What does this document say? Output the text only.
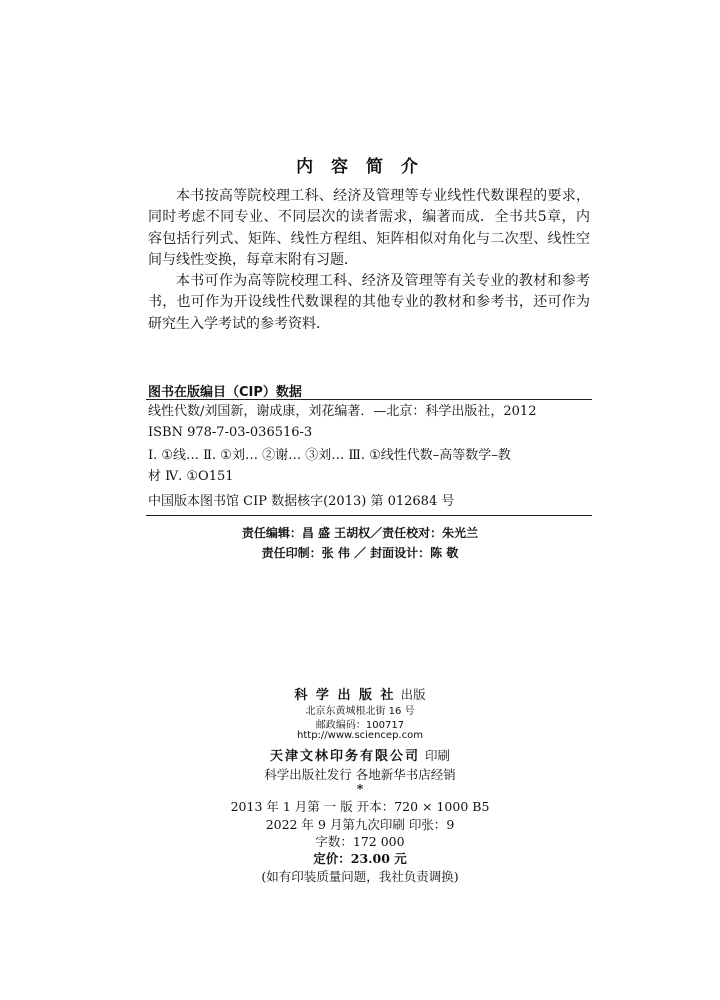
内 容 简 介

本书按高等院校理工科、经济及管理等专业线性代数课程的要求，同时考虑不同专业、不同层次的读者需求，编著而成．全书共5章，内容包括行列式、矩阵、线性方程组、矩阵相似对角化与二次型、线性空间与线性变换，每章末附有习题．

本书可作为高等院校理工科、经济及管理等有关专业的教材和参考书，也可作为开设线性代数课程的其他专业的教材和参考书，还可作为研究生入学考试的参考资料．

图书在版编目（CIP）数据
线性代数/刘国新，谢成康，刘花编著．—北京：科学出版社，2012
ISBN 978-7-03-036516-3
Ⅰ. ①线… Ⅱ. ①刘… ②谢… ③刘… Ⅲ. ①线性代数–高等数学–教
材 Ⅳ. ①O151
中国版本图书馆 CIP 数据核字(2013) 第 012684 号
责任编辑：昌 盛 王胡权／责任校对：朱光兰
责任印制：张 伟 ／ 封面设计：陈 敬
科 学 出 版 社 出版
北京东黄城根北街 16 号
邮政编码：100717
http://www.sciencep.com
天津文林印务有限公司 印刷
科学出版社发行 各地新华书店经销
*
2013 年 1 月第 一 版 开本：720 × 1000 B5
2022 年 9 月第九次印刷 印张：9
字数：172 000
定价：23.00 元
(如有印装质量问题，我社负责调换)
